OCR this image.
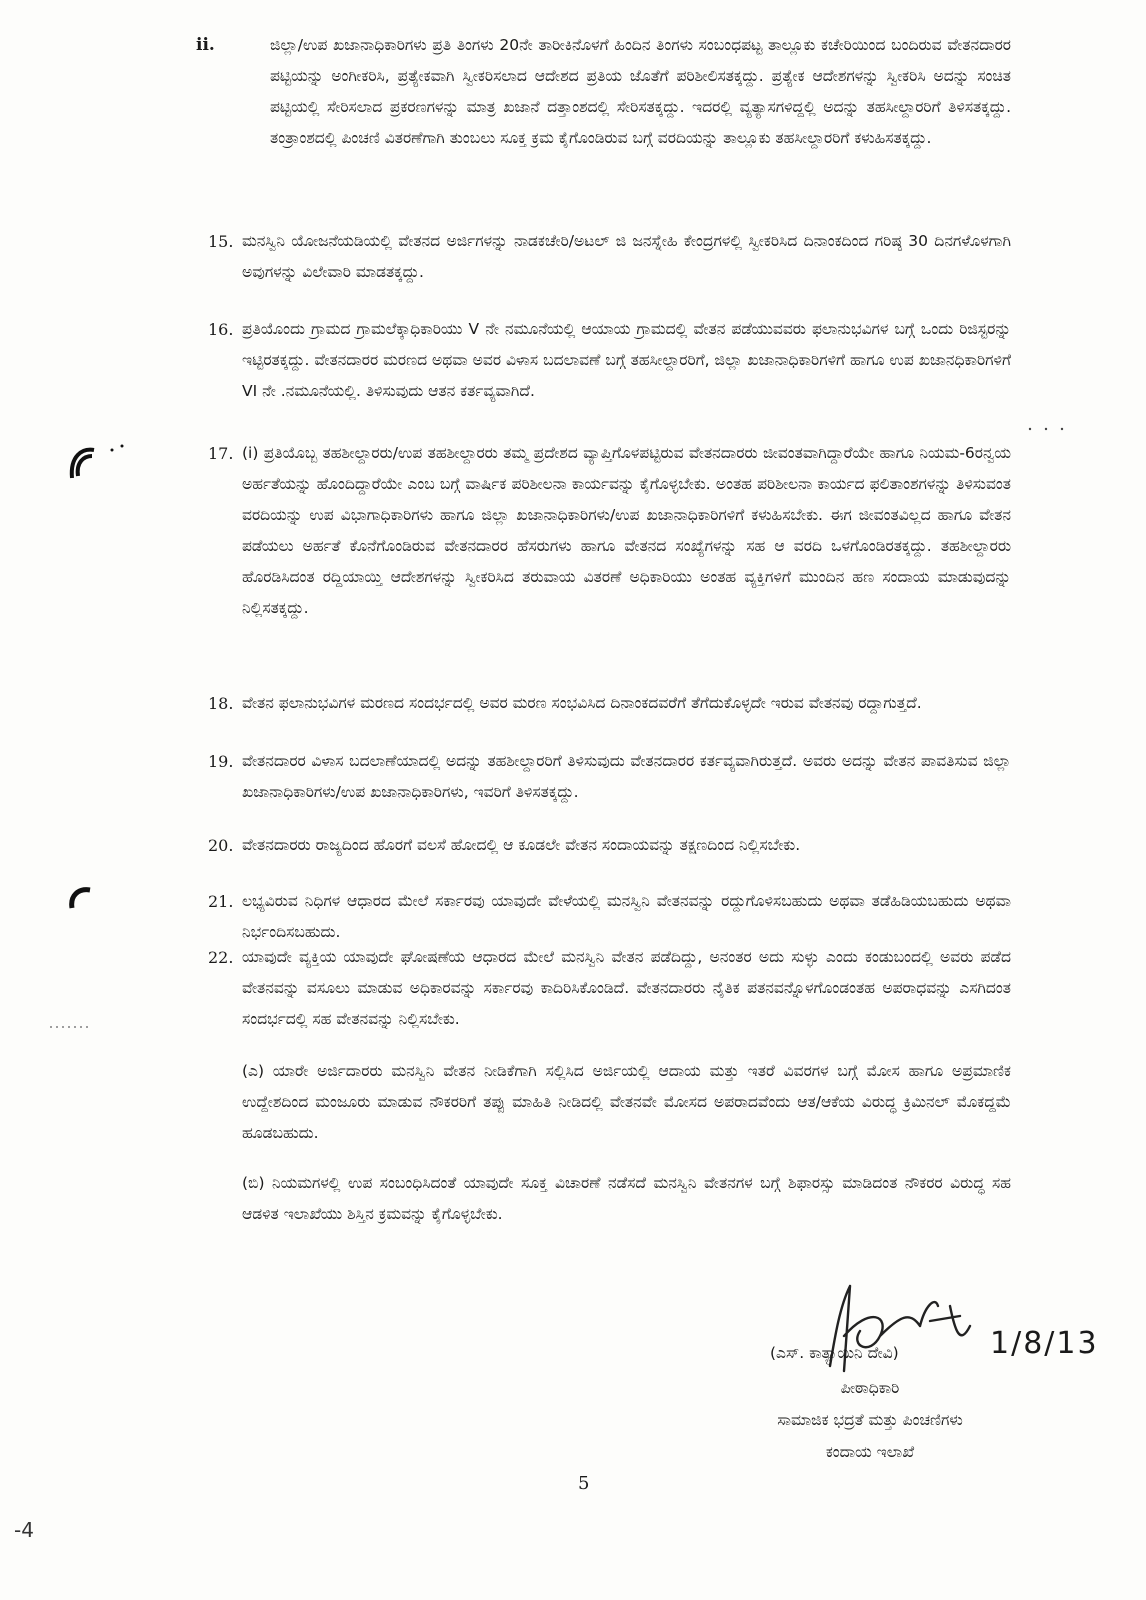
ii.	ಜಿಲ್ಲಾ/ಉಪ ಖಜಾನಾಧಿಕಾರಿಗಳು ಪ್ರತಿ ತಿಂಗಳು 20ನೇ ತಾರೀಕಿನೊಳಗೆ ಹಿಂದಿನ ತಿಂಗಳು ಸಂಬಂಧಪಟ್ಟ ತಾಲ್ಲೂಕು ಕಚೇರಿಯಿಂದ ಬಂದಿರುವ ವೇತನದಾರರ ಪಟ್ಟಿಯನ್ನು ಅಂಗೀಕರಿಸಿ, ಪ್ರತ್ಯೇಕವಾಗಿ ಸ್ವೀಕರಿಸಲಾದ ಆದೇಶದ ಪ್ರತಿಯ ಜೊತೆಗೆ ಪರಿಶೀಲಿಸತಕ್ಕದ್ದು. ಪ್ರತ್ಯೇಕ ಆದೇಶಗಳನ್ನು ಸ್ವೀಕರಿಸಿ ಅದನ್ನು ಸಂಚಿತ ಪಟ್ಟಿಯಲ್ಲಿ ಸೇರಿಸಲಾದ ಪ್ರಕರಣಗಳನ್ನು ಮಾತ್ರ ಖಜಾನೆ ದತ್ತಾಂಶದಲ್ಲಿ ಸೇರಿಸತಕ್ಕದ್ದು. ಇದರಲ್ಲಿ ವ್ಯತ್ಯಾಸಗಳಿದ್ದಲ್ಲಿ ಅದನ್ನು ತಹಸೀಲ್ದಾರರಿಗೆ ತಿಳಿಸತಕ್ಕದ್ದು. ತಂತ್ರಾಂಶದಲ್ಲಿ ಪಿಂಚಣಿ ವಿತರಣೆಗಾಗಿ ತುಂಬಲು ಸೂಕ್ತ ಕ್ರಮ ಕೈಗೊಂಡಿರುವ ಬಗ್ಗೆ ವರದಿಯನ್ನು ತಾಲ್ಲೂಕು ತಹಸೀಲ್ದಾರರಿಗೆ ಕಳುಹಿಸತಕ್ಕದ್ದು.
15. ಮನಸ್ವಿನಿ ಯೋಜನೆಯಡಿಯಲ್ಲಿ ವೇತನದ ಅರ್ಜಿಗಳನ್ನು ನಾಡಕಚೇರಿ/ಅಟಲ್ ಜಿ ಜನಸ್ನೇಹಿ ಕೇಂದ್ರಗಳಲ್ಲಿ ಸ್ವೀಕರಿಸಿದ ದಿನಾಂಕದಿಂದ ಗರಿಷ್ಠ 30 ದಿನಗಳೊಳಗಾಗಿ ಅವುಗಳನ್ನು ವಿಲೇವಾರಿ ಮಾಡತಕ್ಕದ್ದು.
16. ಪ್ರತಿಯೊಂದು ಗ್ರಾಮದ ಗ್ರಾಮಲೆಕ್ಕಾಧಿಕಾರಿಯು V ನೇ ನಮೂನೆಯಲ್ಲಿ ಆಯಾಯ ಗ್ರಾಮದಲ್ಲಿ ವೇತನ ಪಡೆಯುವವರು ಫಲಾನುಭವಿಗಳ ಬಗ್ಗೆ ಒಂದು ರಿಜಿಸ್ಟರನ್ನು ಇಟ್ಟಿರತಕ್ಕದ್ದು. ವೇತನದಾರರ ಮರಣದ ಅಥವಾ ಅವರ ವಿಳಾಸ ಬದಲಾವಣೆ ಬಗ್ಗೆ ತಹಸೀಲ್ದಾರರಿಗೆ, ಜಿಲ್ಲಾ ಖಜಾನಾಧಿಕಾರಿಗಳಿಗೆ ಹಾಗೂ ಉಪ ಖಜಾನಧಿಕಾರಿಗಳಿಗೆ VI ನೇ .ನಮೂನೆಯಲ್ಲಿ. ತಿಳಿಸುವುದು ಆತನ ಕರ್ತವ್ಯವಾಗಿದೆ.
17. (i) ಪ್ರತಿಯೊಬ್ಬ ತಹಶೀಲ್ದಾರರು/ಉಪ ತಹಶೀಲ್ದಾರರು ತಮ್ಮ ಪ್ರದೇಶದ ವ್ಯಾಪ್ತಿಗೊಳಪಟ್ಟಿರುವ ವೇತನದಾರರು ಜೀವಂತವಾಗಿದ್ದಾರೆಯೇ ಹಾಗೂ ನಿಯಮ-6ರನ್ವಯ ಅರ್ಹತೆಯನ್ನು ಹೊಂದಿದ್ದಾರೆಯೇ ಎಂಬ ಬಗ್ಗೆ ವಾರ್ಷಿಕ ಪರಿಶೀಲನಾ ಕಾರ್ಯವನ್ನು ಕೈಗೊಳ್ಳಬೇಕು. ಅಂತಹ ಪರಿಶೀಲನಾ ಕಾರ್ಯದ ಫಲಿತಾಂಶಗಳನ್ನು ತಿಳಿಸುವಂತ ವರದಿಯನ್ನು ಉಪ ವಿಭಾಗಾಧಿಕಾರಿಗಳು ಹಾಗೂ ಜಿಲ್ಲಾ ಖಜಾನಾಧಿಕಾರಿಗಳು/ಉಪ ಖಜಾನಾಧಿಕಾರಿಗಳಿಗೆ ಕಳುಹಿಸಬೇಕು. ಈಗ ಜೀವಂತವಿಲ್ಲದ ಹಾಗೂ ವೇತನ ಪಡೆಯಲು ಅರ್ಹತೆ ಕೊನೆಗೊಂಡಿರುವ ವೇತನದಾರರ ಹೆಸರುಗಳು ಹಾಗೂ ವೇತನದ ಸಂಖ್ಯೆಗಳನ್ನು ಸಹ ಆ ವರದಿ ಒಳಗೊಂಡಿರತಕ್ಕದ್ದು. ತಹಶೀಲ್ದಾರರು ಹೊರಡಿಸಿದಂತ ರದ್ದಿಯಾಯ್ತಿ ಆದೇಶಗಳನ್ನು ಸ್ವೀಕರಿಸಿದ ತರುವಾಯ ವಿತರಣೆ ಅಧಿಕಾರಿಯು ಅಂತಹ ವ್ಯಕ್ತಿಗಳಿಗೆ ಮುಂದಿನ ಹಣ ಸಂದಾಯ ಮಾಡುವುದನ್ನು ನಿಲ್ಲಿಸತಕ್ಕದ್ದು.
18. ವೇತನ ಫಲಾನುಭವಿಗಳ ಮರಣದ ಸಂದರ್ಭದಲ್ಲಿ ಅವರ ಮರಣ ಸಂಭವಿಸಿದ ದಿನಾಂಕದವರೆಗೆ ತೆಗೆದುಕೊಳ್ಳದೇ ಇರುವ ವೇತನವು ರದ್ದಾಗುತ್ತದೆ.
19. ವೇತನದಾರರ ವಿಳಾಸ ಬದಲಾಣೆಯಾದಲ್ಲಿ ಅದನ್ನು ತಹಶೀಲ್ದಾರರಿಗೆ ತಿಳಿಸುವುದು ವೇತನದಾರರ ಕರ್ತವ್ಯವಾಗಿರುತ್ತದೆ. ಅವರು ಅದನ್ನು ವೇತನ ಪಾವತಿಸುವ ಜಿಲ್ಲಾ ಖಜಾನಾಧಿಕಾರಿಗಳು/ಉಪ ಖಜಾನಾಧಿಕಾರಿಗಳು, ಇವರಿಗೆ ತಿಳಿಸತಕ್ಕದ್ದು.
20. ವೇತನದಾರರು ರಾಜ್ಯದಿಂದ ಹೊರಗೆ ವಲಸೆ ಹೋದಲ್ಲಿ ಆ ಕೂಡಲೇ ವೇತನ ಸಂದಾಯವನ್ನು ತಕ್ಷಣದಿಂದ ನಿಲ್ಲಿಸಬೇಕು.
21. ಲಭ್ಯವಿರುವ ನಿಧಿಗಳ ಆಧಾರದ ಮೇಲೆ ಸರ್ಕಾರವು ಯಾವುದೇ ವೇಳೆಯಲ್ಲಿ ಮನಸ್ವಿನಿ ವೇತನವನ್ನು ರದ್ದುಗೊಳಿಸಬಹುದು ಅಥವಾ ತಡೆಹಿಡಿಯಬಹುದು ಅಥವಾ ನಿರ್ಭಂದಿಸಬಹುದು.
22. ಯಾವುದೇ ವ್ಯಕ್ತಿಯ ಯಾವುದೇ ಘೋಷಣೆಯ ಆಧಾರದ ಮೇಲೆ ಮನಸ್ವಿನಿ ವೇತನ ಪಡೆದಿದ್ದು, ಅನಂತರ ಅದು ಸುಳ್ಳು ಎಂದು ಕಂಡುಬಂದಲ್ಲಿ ಅವರು ಪಡೆದ ವೇತನವನ್ನು ವಸೂಲು ಮಾಡುವ ಅಧಿಕಾರವನ್ನು ಸರ್ಕಾರವು ಕಾದಿರಿಸಿಕೊಂಡಿದೆ. ವೇತನದಾರರು ನೈತಿಕ ಪತನವನ್ನೊಳಗೊಂಡಂತಹ ಅಪರಾಧವನ್ನು ಎಸಗಿದಂತ ಸಂದರ್ಭದಲ್ಲಿ ಸಹ ವೇತನವನ್ನು ನಿಲ್ಲಿಸಬೇಕು.
(ಎ) ಯಾರೇ ಅರ್ಜಿದಾರರು ಮನಸ್ವಿನಿ ವೇತನ ನೀಡಿಕೆಗಾಗಿ ಸಲ್ಲಿಸಿದ ಅರ್ಜಿಯಲ್ಲಿ ಆದಾಯ ಮತ್ತು ಇತರೆ ವಿವರಗಳ ಬಗ್ಗೆ ಮೋಸ ಹಾಗೂ ಅಪ್ರಮಾಣಿಕ ಉದ್ದೇಶದಿಂದ ಮಂಜೂರು ಮಾಡುವ ನೌಕರರಿಗೆ ತಪ್ಪು ಮಾಹಿತಿ ನೀಡಿದಲ್ಲಿ ವೇತನವೇ ಮೋಸದ ಅಪರಾದವೆಂದು ಆತ/ಆಕೆಯ ವಿರುದ್ಧ ಕ್ರಿಮಿನಲ್ ಮೊಕದ್ದಮೆ ಹೂಡಬಹುದು.
(ಬಿ) ನಿಯಮಗಳಲ್ಲಿ ಉಪ ಸಂಬಂಧಿಸಿದಂತೆ ಯಾವುದೇ ಸೂಕ್ತ ವಿಚಾರಣೆ ನಡೆಸದೆ ಮನಸ್ವಿನಿ ವೇತನಗಳ ಬಗ್ಗೆ ಶಿಫಾರಸ್ಸು ಮಾಡಿದಂತ ನೌಕರರ ವಿರುದ್ಧ ಸಹ ಆಡಳಿತ ಇಲಾಖೆಯು ಶಿಸ್ತಿನ ಕ್ರಮವನ್ನು ಕೈಗೊಳ್ಳಬೇಕು.
(ಎಸ್. ಕಾತ್ಯಾಯಿನಿ ದೇವಿ)	1/8/13
ಪೀಠಾಧಿಕಾರಿ
ಸಾಮಾಜಿಕ ಭದ್ರತೆ ಮತ್ತು ಪಿಂಚಣಿಗಳು
ಕಂದಾಯ ಇಲಾಖೆ
5
-4
